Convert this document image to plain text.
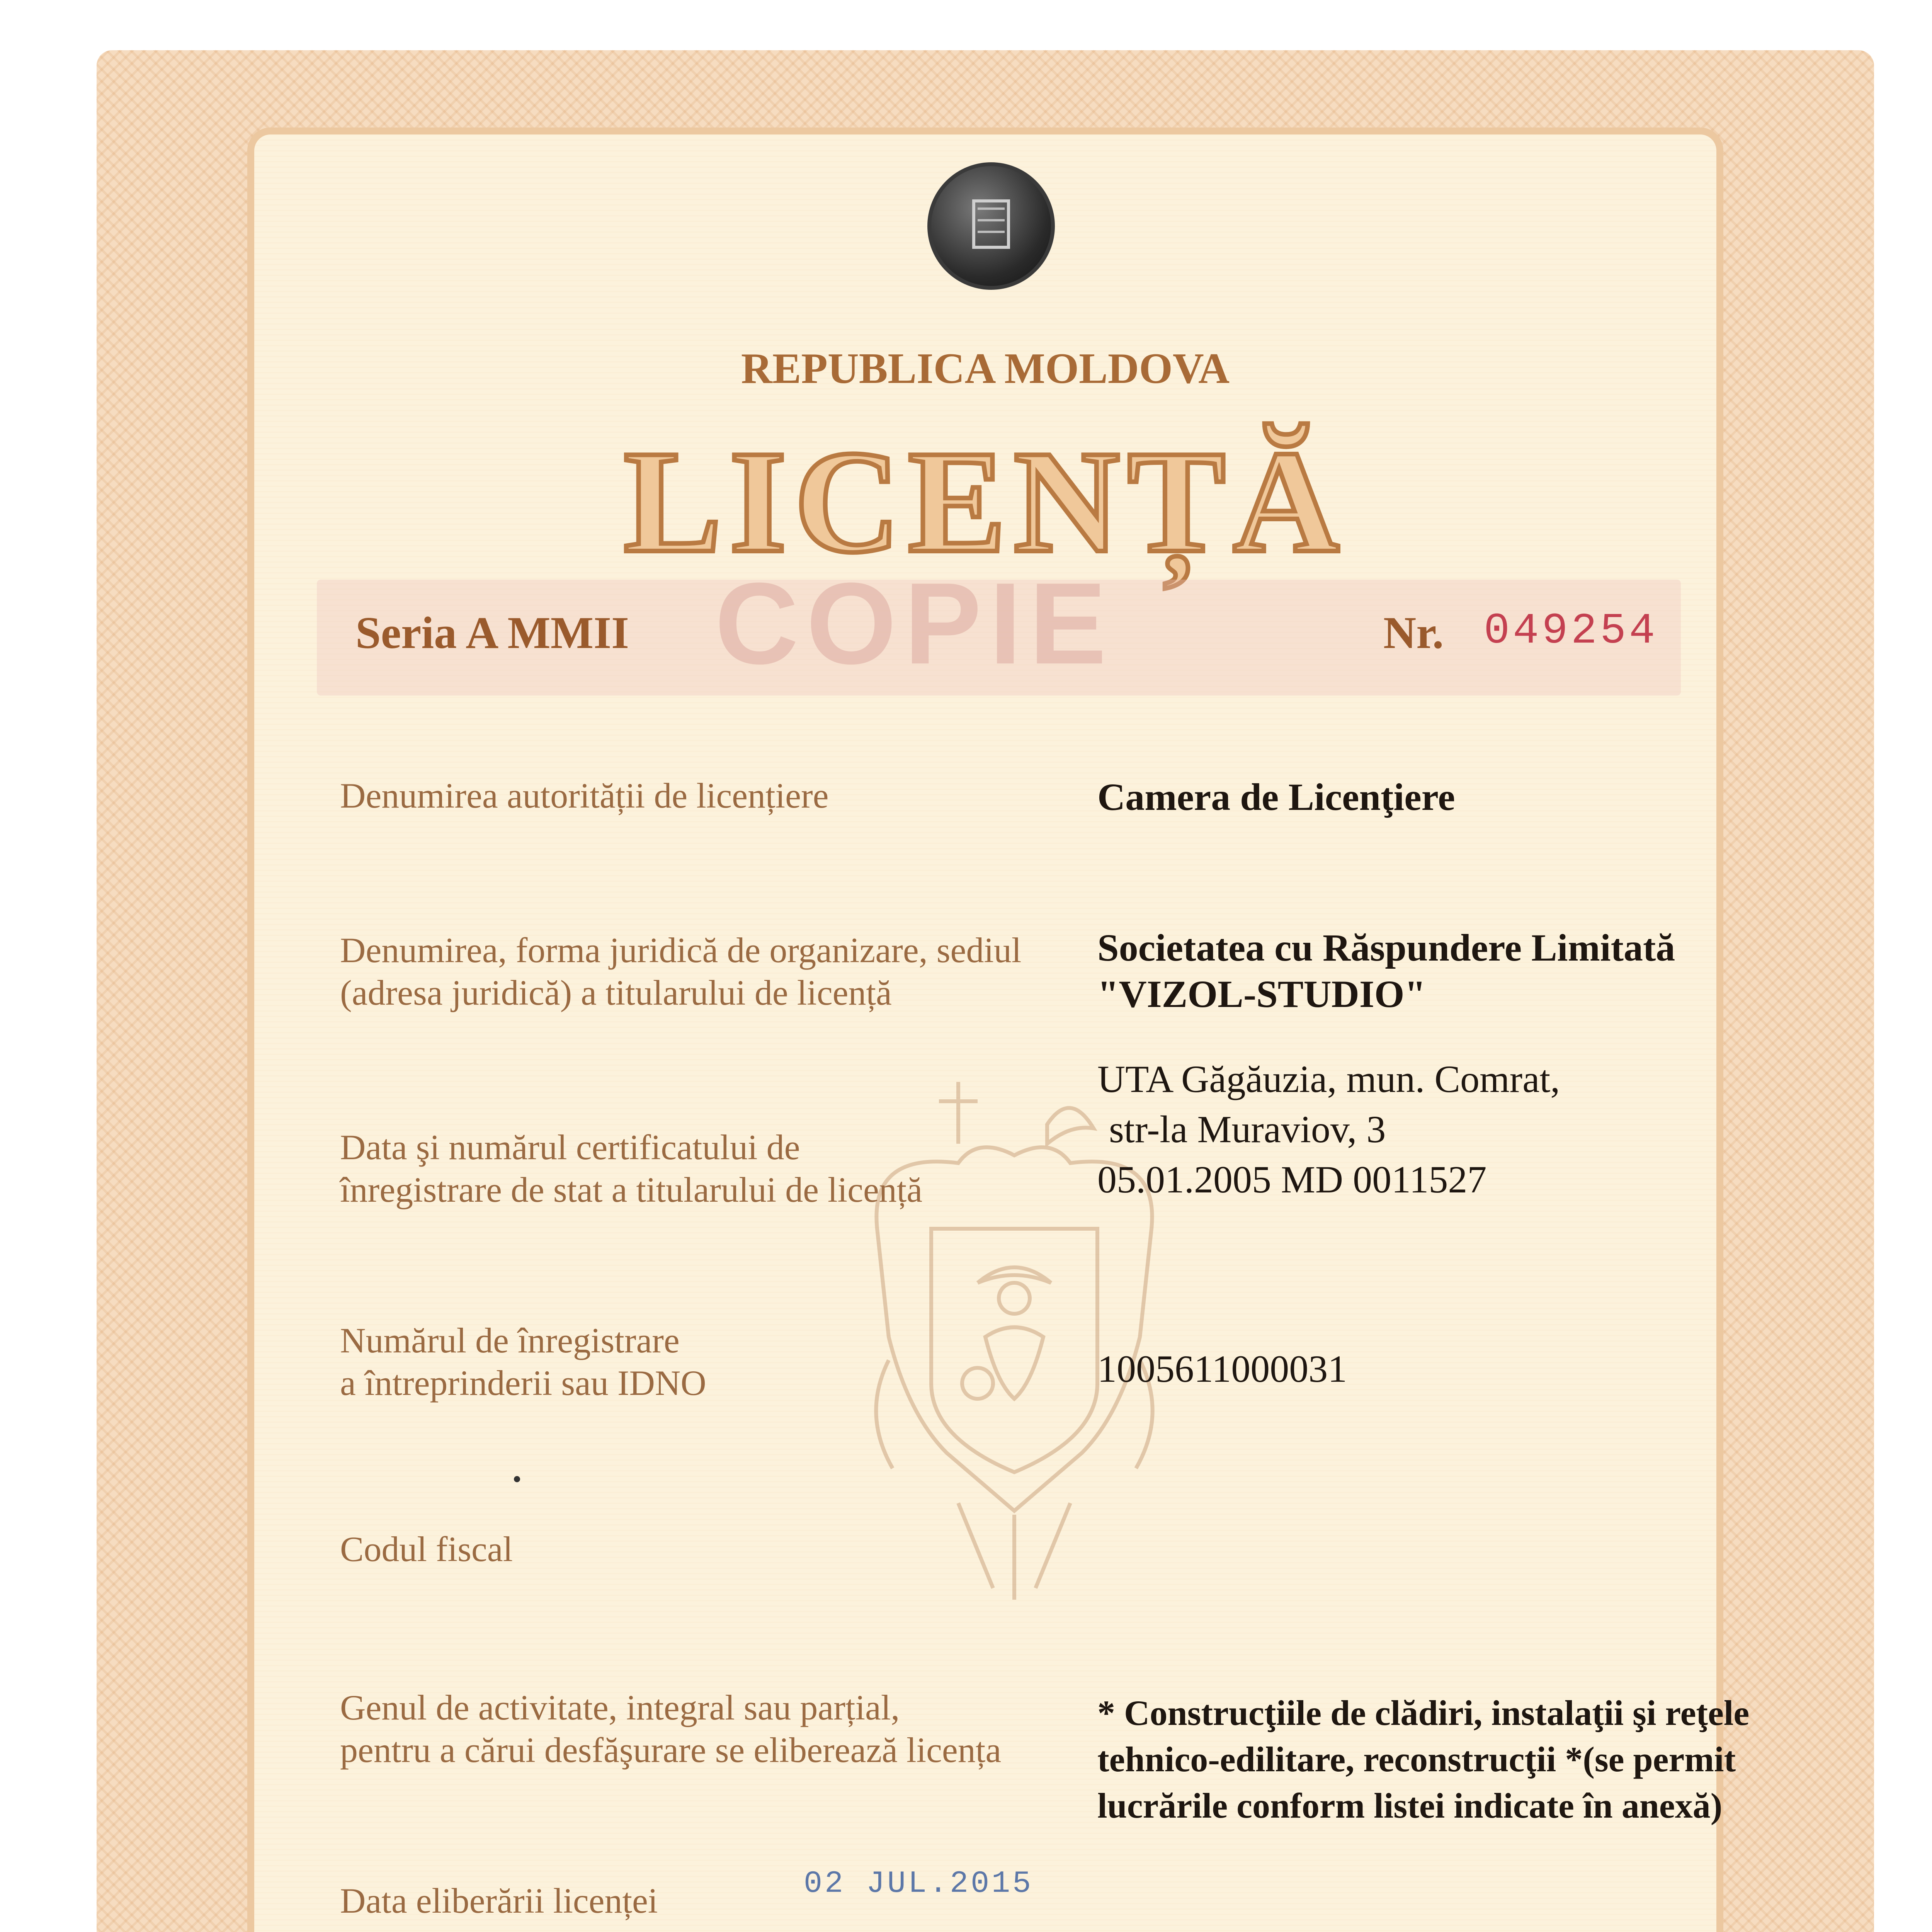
REPUBLICA MOLDOVA
LICENȚĂ
COPIE
Seria A MMII	Nr. 049254
Denumirea autorității de licențiere
Denumirea, forma juridică de organizare, sediul
(adresa juridică) a titularului de licență
Data şi numărul certificatului de
înregistrare de stat a titularului de licență
Numărul de înregistrare
a întreprinderii sau IDNO
Codul fiscal
Genul de activitate, integral sau parțial,
pentru a cărui desfăşurare se eliberează licența
Data eliberării licenței
Camera de Licenţiere
Societatea cu Răspundere Limitată
"VIZOL-STUDIO"
UTA Găgăuzia, mun. Comrat,
str-la Muraviov, 3
05.01.2005 MD 0011527
1005611000031
* Construcţiile de clădiri, instalaţii şi reţele
tehnico-edilitare, reconstrucţii *(se permit
lucrările conform listei indicate în anexă)
02 JUL.2015
